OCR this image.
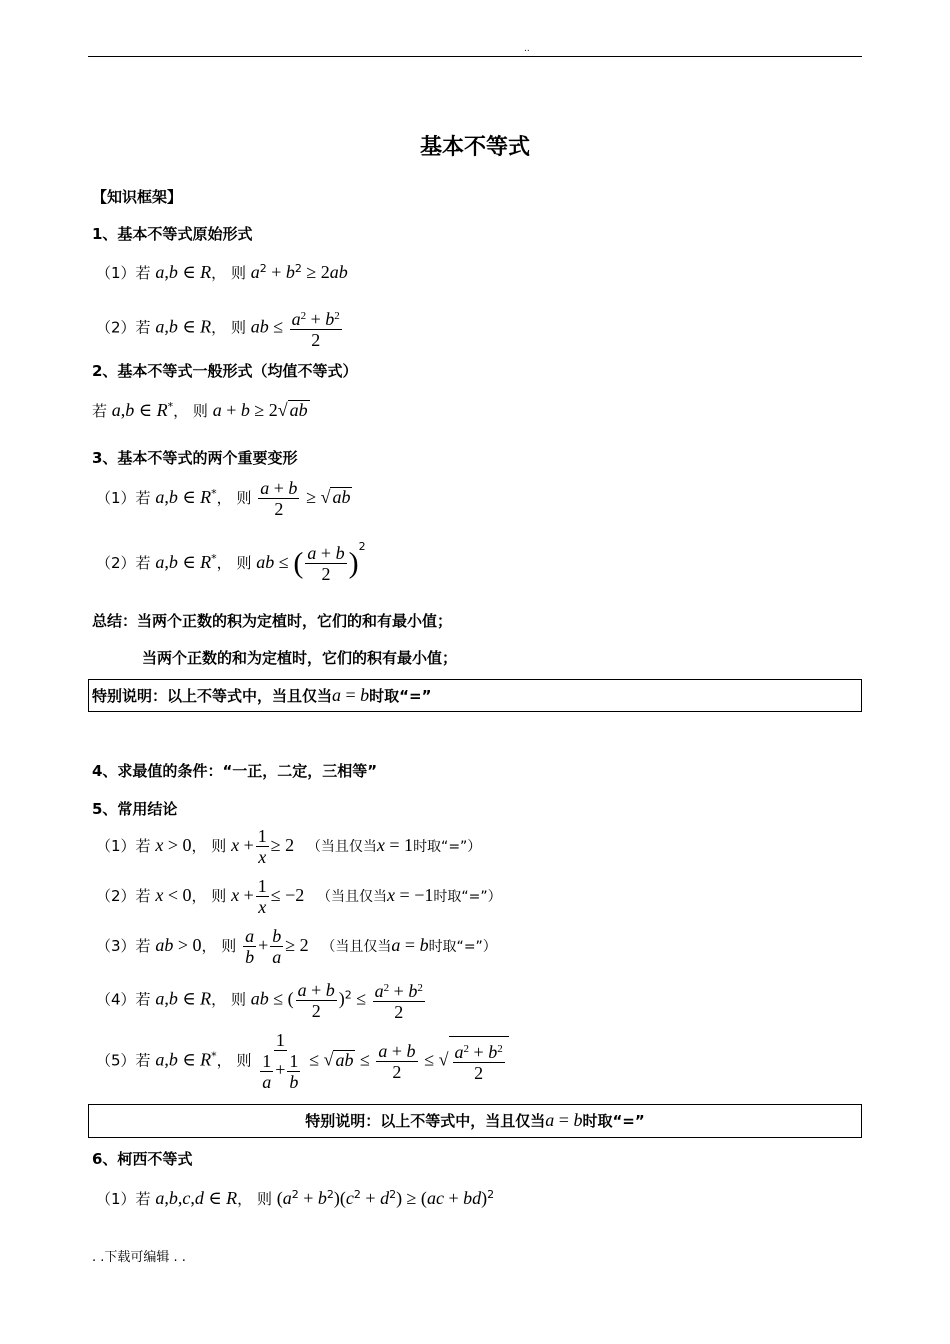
..
基本不等式
【知识框架】
1、基本不等式原始形式
（1）若 a,b ∈ R， 则 $a^2 + b^2 \ge 2ab$
（2）若 a,b ∈ R， 则 ab ≤ $\frac{a^2 + b^2}{2}$
2、基本不等式一般形式（均值不等式）
若 a,b ∈ R*， 则 a + b ≥ 2√ ab
3、基本不等式的两个重要变形
（1）若 a,b ∈ R*， 则 $\frac{a + b}{2}$ ≥ √ ab
（2）若 a,b ∈ R*， 则 ab ≤ ( $\frac{a + b}{2} )^2$
总结：当两个正数的积为定植时，它们的和有最小值；
当两个正数的和为定植时，它们的积有最小值；
特别说明：以上不等式中，当且仅当a = b时取“=”
4、求最值的条件：“一正，二定，三相等”
5、常用结论
（1）若 x > 0， 则 $x + \frac{1}{x} \ge 2$ （当且仅当x = 1时取“=”）
（2）若 x < 0， 则 $x + \frac{1}{x} \le -2$ （当且仅当x = −1时取“=”）
（3）若 ab > 0， 则 $\frac{a}{b} + \frac{b}{a} \ge 2$ （当且仅当a = b时取“=”）
（4）若 a,b ∈ R， 则 ab ≤ ( $\frac{a + b}{2} )^2 \le \frac{a^2 + b^2}{2}$
（5）若 a,b ∈ R*， 则 $\frac{1}{\frac{1}{a} + \frac{1}{b}}$ ≤ √ ab ≤ $\frac{a + b}{2}$ ≤ √ $\frac{a^2 + b^2}{2}$
特别说明：以上不等式中，当且仅当a = b时取“=”
6、柯西不等式
（1）若 a,b,c,d ∈ R， 则 $(a^2 + b^2)(c^2 + d^2) \ge (ac + bd)^2$
. .下载可编辑 . .
